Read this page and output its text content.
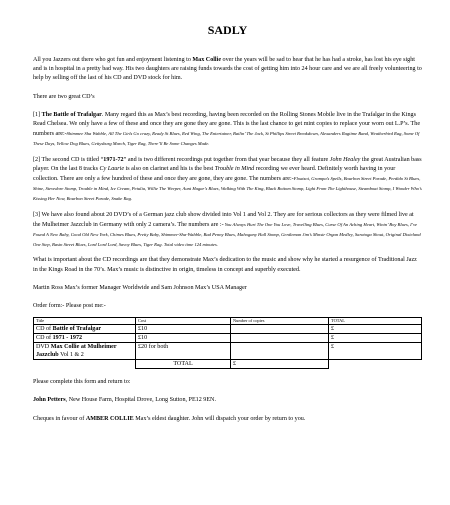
SADLY

All you Jazzers out there who got fun and enjoyment listening to Max Collie over the years will be sad to hear that he has had a stroke, has lost his eye sight and is in hospital in a pretty bad way. His two daughters are raising funds towards the cost of getting him into 24 hour care and we are all freely volunteering to help by selling off the last of his CD and DVD stock for him.

There are two great CD’s

[1] The Battle of Trafalgar. Many regard this as Max’s best recording, having been recorded on the Rolling Stones Mobile live in the Trafalgar in the Kings Read Chelsea. We only have a few of these and once they are gone they are gone. This is the last chance to get mint copies to replace your worn out L.P’s. The numbers are:-Shimmee Sha Wabble, All The Girls Go crazy, Ready St Blues, Red Wing, The Entertainer, Bailin’ The Jack, St Phillips Street Breakdown, Alexanders Ragtime Band, Weatherbird Rag, Some Of These Days, Yellow Dog Blues, Gettysburg March, Tiger Rag, There’ll Be Some Changes Made.

[2] The second CD is titled “1971-72” and is two different recordings put together from that year because they all feature John Healey the great Australian bass player. On the last 8 tracks Cy Laurie is also on clarinet and his is the best Trouble in Mind recording we ever heard. Definitely worth having in your collection. There are only a few hundred of these and once they are gone, they are gone. The numbers are:-Floatsoi, Grampa’s Spells, Bourbon Street Parade, Perdido St Blues, Shine, Stevedore Stomp, Trouble in Mind, Ice Cream, Petulia, Willie The Weeper, Aunt Hagar’s Blues, Walking With The King, Black Bottom Stomp, Light From The Lighthouse, Steamboat Stomp, I Wonder Who’s Kissing Her Now, Bourbon Street Parade, Snake Rag.

[3] We have also found about 20 DVD’s of a German jazz club show divided into Vol 1 and Vol 2. They are for serious collectors as they were filmed live at the Mulheimer Jazzclub in Germany with only 2 camera’s. The numbers are :- You Always Hurt The One You Love, Travelling Blues, Curse Of An Aching Heart, Winin’ Boy Blues, I’ve Found A New Baby, Good Old New York, Chimes Blues, Pretty Baby, Shimmee-Sha-Wabble, Bad Penny Blues, Mahogany Hall Stomp, Gentleman Jim’s Minstr Organ Medley, Saratoga Shout, Original Dixieland One Step, Basin Street Blues, Lord Lord Lord, Savoy Blues, Tiger Rag. Total video time 124 minutes.

What is important about the CD recordings are that they demonstrate Max’s dedication to the music and show why he started a resurgence of Traditional Jazz in the Kings Road in the 70’s. Max’s music is distinctive in origin, timeless in concept and superbly executed.

Martin Ross Max’s former Manager Worldwide and Sam Johnson Max’s USA Manager

Order form:- Please post me:-

Title	Cost	Number of copies	TOTAL
CD of Battle of Trafalgar	£10		£
CD of 1971 - 1972	£10		£
DVD Max Collie at Mulheimer Jazzclub Vol 1 & 2	£20 for both		£
	TOTAL	£	

Please complete this form and return to:

John Petters, New House Farm, Hospital Drove, Long Sutton, PE12 9EN.

Cheques in favour of AMBER COLLIE Max’s eldest daughter. John will dispatch your order by return to you.
